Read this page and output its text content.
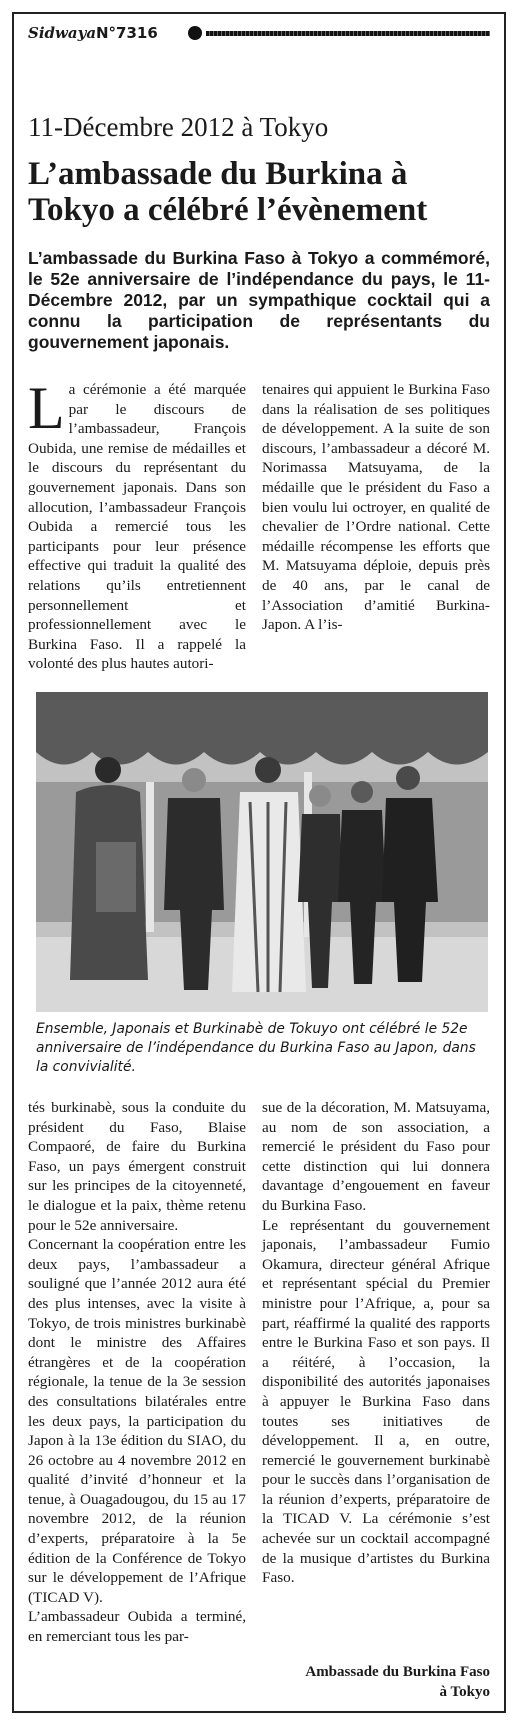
Sidwaya N°7316
11-Décembre 2012 à Tokyo
L’ambassade du Burkina à Tokyo a célébré l’évènement
L’ambassade du Burkina Faso à Tokyo a commémoré, le 52e anniversaire de l’indépendance du pays, le 11-Décembre 2012, par un sympathique cocktail qui a connu la participation de représentants du gouvernement japonais.
L a cérémonie a été marquée par le discours de l’ambassadeur, François Oubida, une remise de médailles et le discours du représentant du gouvernement japonais. Dans son allocution, l’ambassadeur François Oubida a remercié tous les participants pour leur présence effective qui traduit la qualité des relations qu’ils entretiennent personnellement et professionnellement avec le Burkina Faso. Il a rappelé la volonté des plus hautes autori-
tenaires qui appuient le Burkina Faso dans la réalisation de ses politiques de développement. A la suite de son discours, l’ambassadeur a décoré M. Norimassa Matsuyama, de la médaille que le président du Faso a bien voulu lui octroyer, en qualité de chevalier de l’Ordre national. Cette médaille récompense les efforts que M. Matsuyama déploie, depuis près de 40 ans, par le canal de l’Association d’amitié Burkina-Japon. A l’is-
Ensemble, Japonais et Burkinabè de Tokuyo ont célébré le 52e anniversaire de l’indépendance du Burkina Faso au Japon, dans la convivialité.
tés burkinabè, sous la conduite du président du Faso, Blaise Compaoré, de faire du Burkina Faso, un pays émergent construit sur les principes de la citoyenneté, le dialogue et la paix, thème retenu pour le 52e anniversaire.
Concernant la coopération entre les deux pays, l’ambassadeur a souligné que l’année 2012 aura été des plus intenses, avec la visite à Tokyo, de trois ministres burkinabè dont le ministre des Affaires étrangères et de la coopération régionale, la tenue de la 3e session des consultations bilatérales entre les deux pays, la participation du Japon à la 13e édition du SIAO, du 26 octobre au 4 novembre 2012 en qualité d’invité d’honneur et la tenue, à Ouagadougou, du 15 au 17 novembre 2012, de la réunion d’experts, préparatoire à la 5e édition de la Conférence de Tokyo sur le développement de l’Afrique (TICAD V).
L’ambassadeur Oubida a terminé, en remerciant tous les par-
sue de la décoration, M. Matsuyama, au nom de son association, a remercié le président du Faso pour cette distinction qui lui donnera davantage d’engouement en faveur du Burkina Faso.
Le représentant du gouvernement japonais, l’ambassadeur Fumio Okamura, directeur général Afrique et représentant spécial du Premier ministre pour l’Afrique, a, pour sa part, réaffirmé la qualité des rapports entre le Burkina Faso et son pays. Il a réitéré, à l’occasion, la disponibilité des autorités japonaises à appuyer le Burkina Faso dans toutes ses initiatives de développement. Il a, en outre, remercié le gouvernement burkinabè pour le succès dans l’organisation de la réunion d’experts, préparatoire de la TICAD V. La cérémonie s’est achevée sur un cocktail accompagné de la musique d’artistes du Burkina Faso.
Ambassade du Burkina Faso
à Tokyo
